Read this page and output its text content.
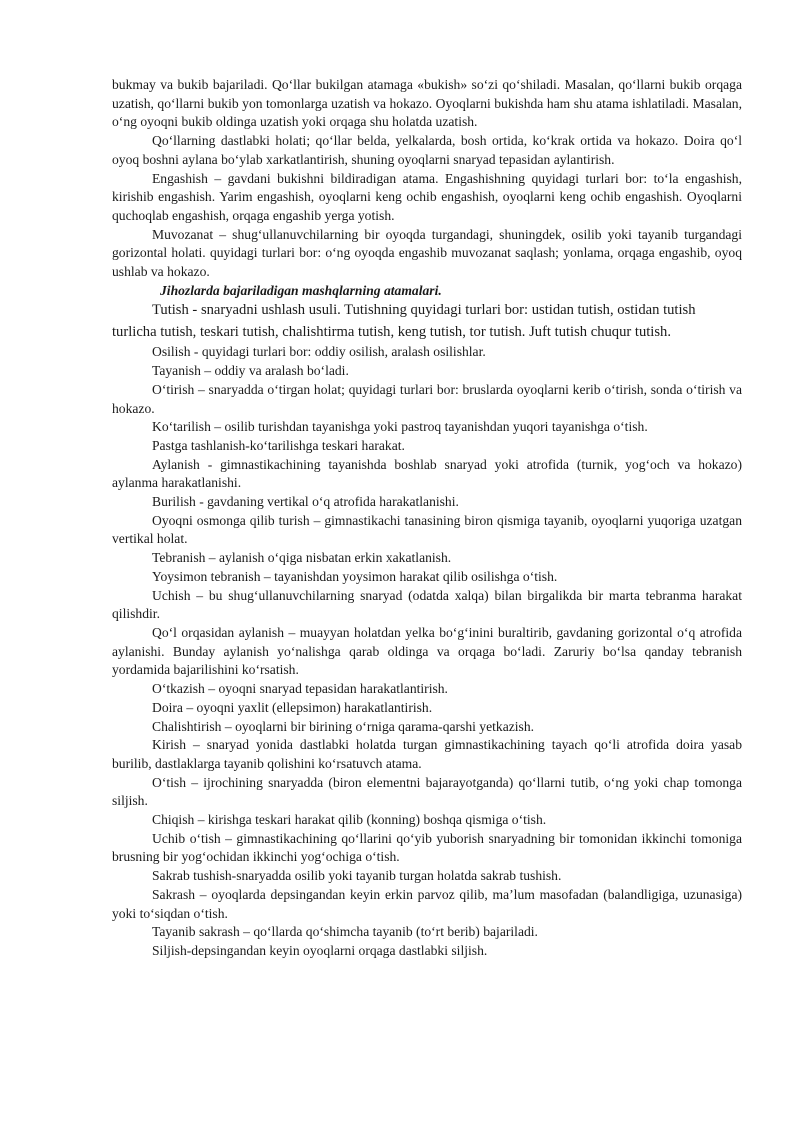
bukmay va bukib bajariladi. Qo‘llar bukilgan atamaga «bukish» so‘zi qo‘shiladi. Masalan, qo‘llarni bukib orqaga uzatish, qo‘llarni bukib yon tomonlarga uzatish va hokazo. Oyoqlarni bukishda ham shu atama ishlatiladi. Masalan, o‘ng oyoqni bukib oldinga uzatish yoki orqaga shu holatda uzatish.

Qo‘llarning dastlabki holati; qo‘llar belda, yelkalarda, bosh ortida, ko‘krak ortida va hokazo. Doira qo‘l oyoq boshni aylana bo‘ylab xarkatlantirish, shuning oyoqlarni snaryad tepasidan aylantirish.

Engashish – gavdani bukishni bildiradigan atama. Engashishning quyidagi turlari bor: to‘la engashish, kirishib engashish. Yarim engashish, oyoqlarni keng ochib engashish, oyoqlarni keng ochib engashish. Oyoqlarni quchoqlab engashish, orqaga engashib yerga yotish.

Muvozanat – shug‘ullanuvchilarning bir oyoqda turgandagi, shuningdek, osilib yoki tayanib turgandagi gorizontal holati. quyidagi turlari bor: o‘ng oyoqda engashib muvozanat saqlash; yonlama, orqaga engashib, oyoq ushlab va hokazo.

Jihozlarda bajariladigan mashqlarning atamalari.

Tutish - snaryadni ushlash usuli. Tutishning quyidagi turlari bor: ustidan tutish, ostidan tutish turlicha tutish, teskari tutish, chalishtirma tutish, keng tutish, tor tutish. Juft tutish chuqur tutish.

Osilish - quyidagi turlari bor: oddiy osilish, aralash osilishlar.

Tayanish – oddiy va aralash bo‘ladi.

O‘tirish – snaryadda o‘tirgan holat; quyidagi turlari bor: bruslarda oyoqlarni kerib o‘tirish, sonda o‘tirish va hokazo.

Ko‘tarilish – osilib turishdan tayanishga yoki pastroq tayanishdan yuqori tayanishga o‘tish.

Pastga tashlanish-ko‘tarilishga teskari harakat.

Aylanish - gimnastikachining tayanishda boshlab snaryad yoki atrofida (turnik, yog‘och va hokazo) aylanma harakatlanishi.

Burilish - gavdaning vertikal o‘q atrofida harakatlanishi.

Oyoqni osmonga qilib turish – gimnastikachi tanasining biron qismiga tayanib, oyoqlarni yuqoriga uzatgan vertikal holat.

Tebranish – aylanish o‘qiga nisbatan erkin xakatlanish.

Yoysimon tebranish – tayanishdan yoysimon harakat qilib osilishga o‘tish.

Uchish – bu shug‘ullanuvchilarning snaryad (odatda xalqa) bilan birgalikda bir marta tebranma harakat qilishdir.

Qo‘l orqasidan aylanish – muayyan holatdan yelka bo‘g‘inini buraltirib, gavdaning gorizontal o‘q atrofida aylanishi. Bunday aylanish yo‘nalishga qarab oldinga va orqaga bo‘ladi. Zaruriy bo‘lsa qanday tebranish yordamida bajarilishini ko‘rsatish.

O‘tkazish – oyoqni snaryad tepasidan harakatlantirish.

Doira – oyoqni yaxlit (ellepsimon) harakatlantirish.

Chalishtirish – oyoqlarni bir birining o‘rniga qarama-qarshi yetkazish.

Kirish – snaryad yonida dastlabki holatda turgan gimnastikachining tayach qo‘li atrofida doira yasab burilib, dastlaklarga tayanib qolishini ko‘rsatuvch atama.

O‘tish – ijrochining snaryadda (biron elementni bajarayotganda) qo‘llarni tutib, o‘ng yoki chap tomonga siljish.

Chiqish – kirishga teskari harakat qilib (konning) boshqa qismiga o‘tish.

Uchib o‘tish – gimnastikachining qo‘llarini qo‘yib yuborish snaryadning bir tomonidan ikkinchi tomoniga brusning bir yog‘ochidan ikkinchi yog‘ochiga o‘tish.

Sakrab tushish-snaryadda osilib yoki tayanib turgan holatda sakrab tushish.

Sakrash – oyoqlarda depsingandan keyin erkin parvoz qilib, ma’lum masofadan (balandligiga, uzunasiga) yoki to‘siqdan o‘tish.

Tayanib sakrash – qo‘llarda qo‘shimcha tayanib (to‘rt berib) bajariladi.

Siljish-depsingandan keyin oyoqlarni orqaga dastlabki siljish.
